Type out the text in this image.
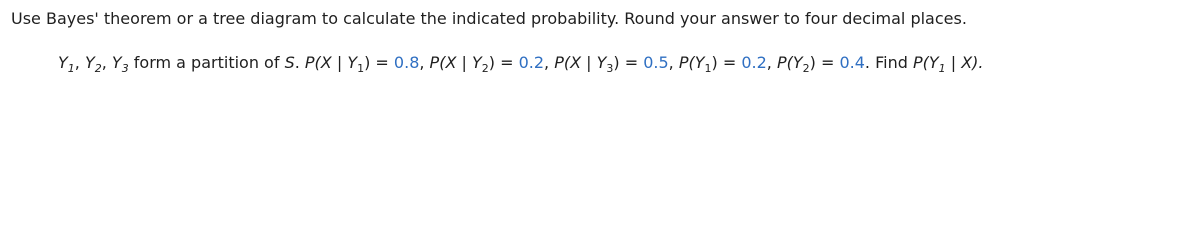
Use Bayes' theorem or a tree diagram to calculate the indicated probability. Round your answer to four decimal places.
$Y_1$, $Y_2$, $Y_3$ form a partition of S. P(X | $Y_1) = 0.8$, P(X | $Y_2) = 0.2$, P(X | $Y_3) = 0.5$, $P(Y_1) = 0.2$, $P(Y_2) = 0.4$. Find $P(Y_1$ | X).
